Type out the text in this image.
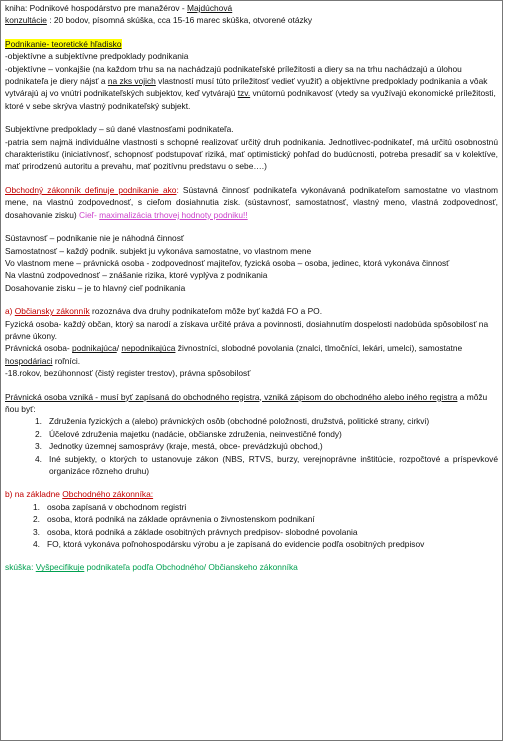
kniha: Podnikové hospodárstvo pre manažérov - Majdúchová
konzultácie : 20 bodov, písomná skúška, cca 15-16 marec skúška, otvorené otázky
Podnikanie- teoretické hľadisko
-objektívne a subjektívne predpoklady podnikania
-objektívne – vonkajšie (na každom trhu sa na nachádzajú podnikateľské príležitosti a diery sa na trhu nachádzajú a úlohou podnikateľa je diery nájsť a na zks vojich vlastností musí túto príležitosť vedieť využiť) a objektívne predpoklady podnikania a vôak vytvárajú aj vo vnútri podnikateľských subjektov, keď vytvárajú tzv. vnútornú podnikavosť (vtedy sa využívajú ekonomické príležitosti, ktoré v sebe skrýva vlastný podnikateľský subjekt.
Subjektívne predpoklady – sú dané vlastnosťami podnikateľa.
-patria sem najmä individuálne vlastnosti s schopné realizovať určitý druh podnikania. Jednotlivec-podnikateľ, má určitú osobnostnú charakteristiku (iniciatívnosť, schopnosť podstupovať riziká, mať optimistický pohľad do budúcnosti, potreba presadiť sa v kolektíve, mať prirodzenú autoritu a prevahu, mať pozitívnu predstavu o sebe….)
Obchodný zákonník definuje podnikanie ako: Sústavná činnosť podnikateľa vykonávaná podnikateľom samostatne vo vlastnom mene, na vlastnú zodpovednosť, s cieľom dosiahnutia zisk. (sústavnosť, samostatnosť, vlastný meno, vlastná zodpovednosť, dosahovanie zisku) Cieľ- maximalizácia trhovej hodnoty podniku!!
Sústavnosť – podnikanie nie je náhodná činnosť
Samostatnosť – každý podnik. subjekt ju vykonáva samostatne, vo vlastnom mene
Vo vlastnom mene – právnická osoba - zodpovednosť majiteľov, fyzická osoba – osoba, jedinec, ktorá vykonáva činnosť
Na vlastnú zodpovednosť – znášanie rizika, ktoré vyplýva z podnikania
Dosahovanie zisku – je to hlavný cieľ podnikania
a) Občiansky zákonník rozoznáva dva druhy podnikateľom môže byť každá FO a PO.
Fyzická osoba- každý občan, ktorý sa narodí a získava určité práva a povinnosti, dosiahnutím dospelosti nadobúda spôsobilosť na právne úkony.
Právnická osoba- podnikajúca/ nepodnikajúca živnostníci, slobodné povolania (znalci, tlmočníci, lekári, umelci), samostatne hospodáriaci roľníci.
-18.rokov, bezúhonnosť (čistý register trestov), právna spôsobilosť
Právnická osoba vzniká - musí byť zapísaná do obchodného registra, vzniká zápisom do obchodného alebo iného registra a môžu ňou byť:
1. Združenia fyzických a (alebo) právnických osôb (obchodné položnosti, družstvá, politické strany, cirkvi)
2. Účelové združenia majetku (nadácie, občianske združenia, neinvestičné fondy)
3. Jednotky územnej samosprávy (kraje, mestá, obce- prevádzkujú obchod,)
4. Iné subjekty, o ktorých to ustanovuje zákon (NBS, RTVS, burzy, verejnoprávne inštitúcie, rozpočtové a príspevkové organizáce rôzneho druhu)
b) na základne Obchodného zákonníka:
1. osoba zapísaná v obchodnom registri
2. osoba, ktorá podniká na základe oprávnenia o živnostenskom podnikaní
3. osoba, ktorá podniká a základe osobitných právnych predpisov- slobodné povolania
4. FO, ktorá vykonáva poľnohospodársku výrobu a je zapísaná do evidencie podľa osobitných predpisov
skúška: Vyšpecifikuje podnikateľa podľa Obchodného/ Občianskeho zákonníka
